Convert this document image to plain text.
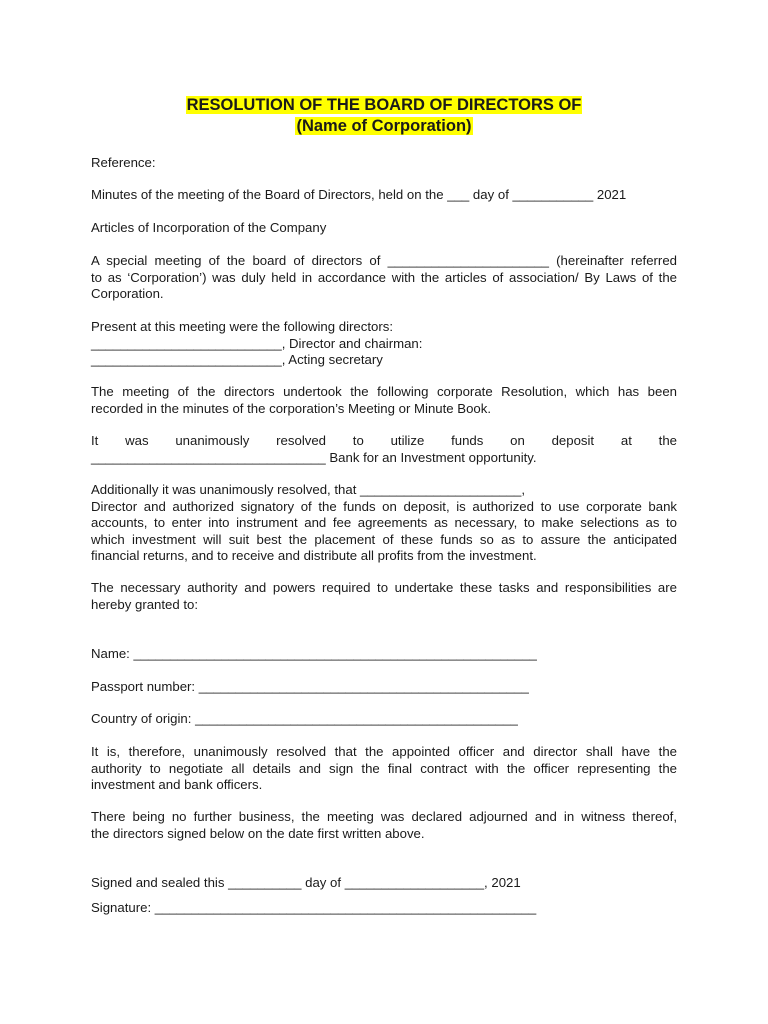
RESOLUTION OF THE BOARD OF DIRECTORS OF
(Name of Corporation)

Reference:

Minutes of the meeting of the Board of Directors, held on the ___ day of ___________ 2021

Articles of Incorporation of the Company

A special meeting of the board of directors of ______________________ (hereinafter referred
to as ‘Corporation’) was duly held in accordance with the articles of association/ By Laws of the
Corporation.
Present at this meeting were the following directors:
__________________________, Director and chairman:
__________________________, Acting secretary
The meeting of the directors undertook the following corporate Resolution, which has been
recorded in the minutes of the corporation’s Meeting or Minute Book.
It was unanimously resolved to utilize funds on deposit at the
________________________________ Bank for an Investment opportunity.
Additionally it was unanimously resolved, that ______________________,
Director and authorized signatory of the funds on deposit, is authorized to use corporate bank
accounts, to enter into instrument and fee agreements as necessary, to make selections as to
which investment will suit best the placement of these funds so as to assure the anticipated
financial returns, and to receive and distribute all profits from the investment.
The necessary authority and powers required to undertake these tasks and responsibilities are
hereby granted to:

Name: _______________________________________________________

Passport number: _____________________________________________

Country of origin: ____________________________________________

It is, therefore, unanimously resolved that the appointed officer and director shall have the
authority to negotiate all details and sign the final contract with the officer representing the
investment and bank officers.
There being no further business, the meeting was declared adjourned and in witness thereof,
the directors signed below on the date first written above.

Signed and sealed this __________ day of ___________________, 2021

Signature: ____________________________________________________
